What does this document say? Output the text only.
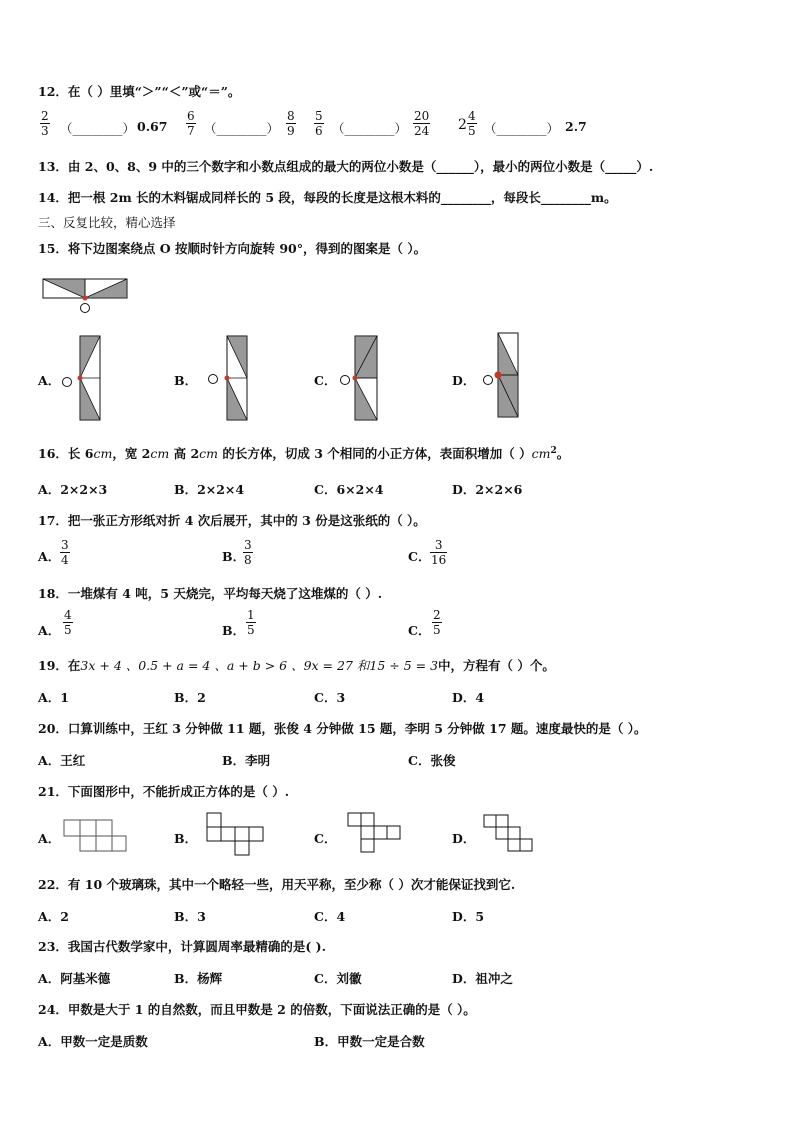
12．在（ ）里填“＞”“＜”或“＝”。
$\frac{2}{3}$ （________） $0.67 \frac{6}{7}$ （________） $\frac{8}{9} \frac{5}{6}$ （________） $\frac{20}{24} 2 \frac{4}{5}$ （________） 2.7
13．由 2、0、8、9 中的三个数字和小数点组成的最大的两位小数是（______），最小的两位小数是（_____）.
14．把一根 2m 长的木料锯成同样长的 5 段，每段的长度是这根木料的________，每段长________m。
三、反复比较，精心选择
15．将下边图案绕点 O 按顺时针方向旋转 90°，得到的图案是（ ）。
A．	B．	C．	D．
16．长 6cm，宽 2cm 高 2cm 的长方体，切成 3 个相同的小正方体，表面积增加（ ）$cm^2$。
A．2×2×3	B．2×2×4	C．6×2×4	D．2×2×6
17．把一张正方形纸对折 4 次后展开，其中的 3 份是这张纸的（ ）。
A． $\frac{3}{4}$	B．
$\frac{3}{8}$	C． $\frac{3}{16}$
18．一堆煤有 4 吨，5 天烧完，平均每天烧了这堆煤的（ ）.
A． $\frac{4}{5}$	B． $\frac{1}{5}$	C． $\frac{2}{5}$
19．在3x + 4 、0.5 + a = 4 、a + b > 6 、9x = 27 和15 ÷ 5 = 3中，方程有（ ）个。
A．1	B．2	C．3	D．4
20．口算训练中，王红 3 分钟做 11 题，张俊 4 分钟做 15 题，李明 5 分钟做 17 题。速度最快的是（ ）。
A．王红	B．李明	C．张俊
21．下面图形中，不能折成正方体的是（ ）.
A．	B．	C．	D．
22．有 10 个玻璃珠，其中一个略轻一些，用天平称，至少称（ ）次才能保证找到它.
A．2	B．3	C．4	D．5
23．我国古代数学家中，计算圆周率最精确的是( ).
A．阿基米德	B．杨辉	C．刘徽	D．祖冲之
24．甲数是大于 1 的自然数，而且甲数是 2 的倍数，下面说法正确的是（ ）。
A．甲数一定是质数	B．甲数一定是合数
